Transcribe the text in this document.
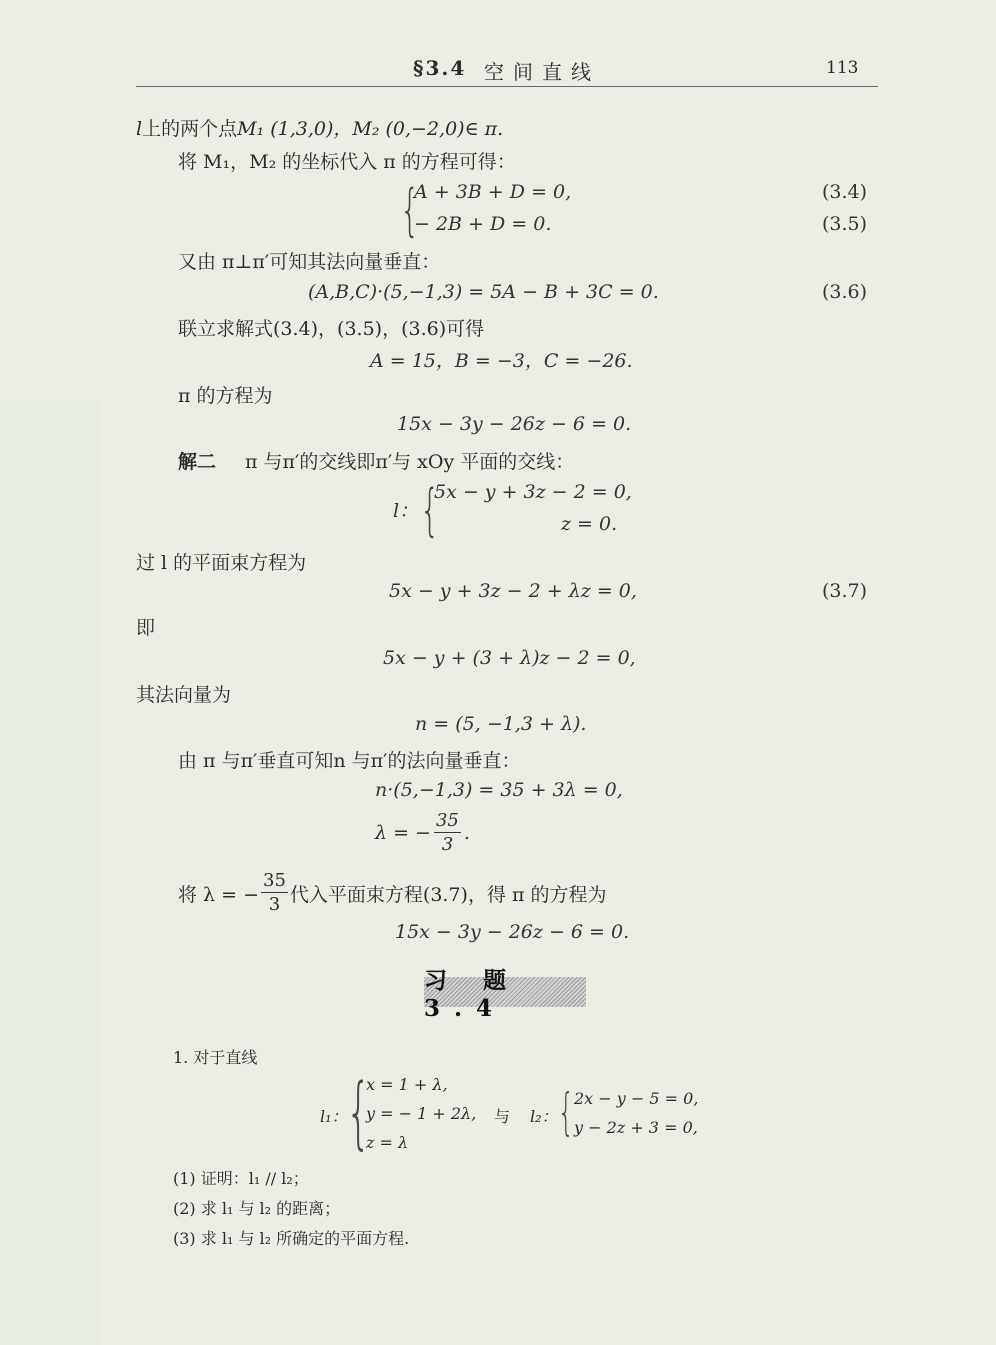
§3.4 空间直线	113
l上的两个点M₁ (1,3,0)，M₂ (0,−2,0)∈ π.
将 M₁，M₂ 的坐标代入 π 的方程可得：
{
A + 3B + D = 0,	(3.4)
− 2B + D = 0.	(3.5)
又由 π⊥π′可知其法向量垂直：
(A,B,C)·(5,−1,3) = 5A − B + 3C = 0.	(3.6)
联立求解式(3.4)，(3.5)，(3.6)可得
A = 15，B = −3，C = −26.
π 的方程为
15x − 3y − 26z − 6 = 0.
解二 π 与π′的交线即π′与 xOy 平面的交线：
l： {
5x − y + 3z − 2 = 0,
z = 0.
过 l 的平面束方程为
5x − y + 3z − 2 + λz = 0,	(3.7)
即
5x − y + (3 + λ)z − 2 = 0,
其法向量为
n = (5, −1,3 + λ).
由 π 与π′垂直可知n 与π′的法向量垂直：
n·(5,−1,3) = 35 + 3λ = 0,
λ = − $\frac{35}{3}$ .
将 λ = − $\frac{35}{3}$ 代入平面束方程(3.7)，得 π 的方程为
15x − 3y − 26z − 6 = 0.
习 题 3.4
1. 对于直线
l₁：
{
x = 1 + λ,
y = − 1 + 2λ,
z = λ
与 l₂： { 2x − y − 5 = 0,
y − 2z + 3 = 0,
(1) 证明：l₁ // l₂；
(2) 求 l₁ 与 l₂ 的距离；
(3) 求 l₁ 与 l₂ 所确定的平面方程.
